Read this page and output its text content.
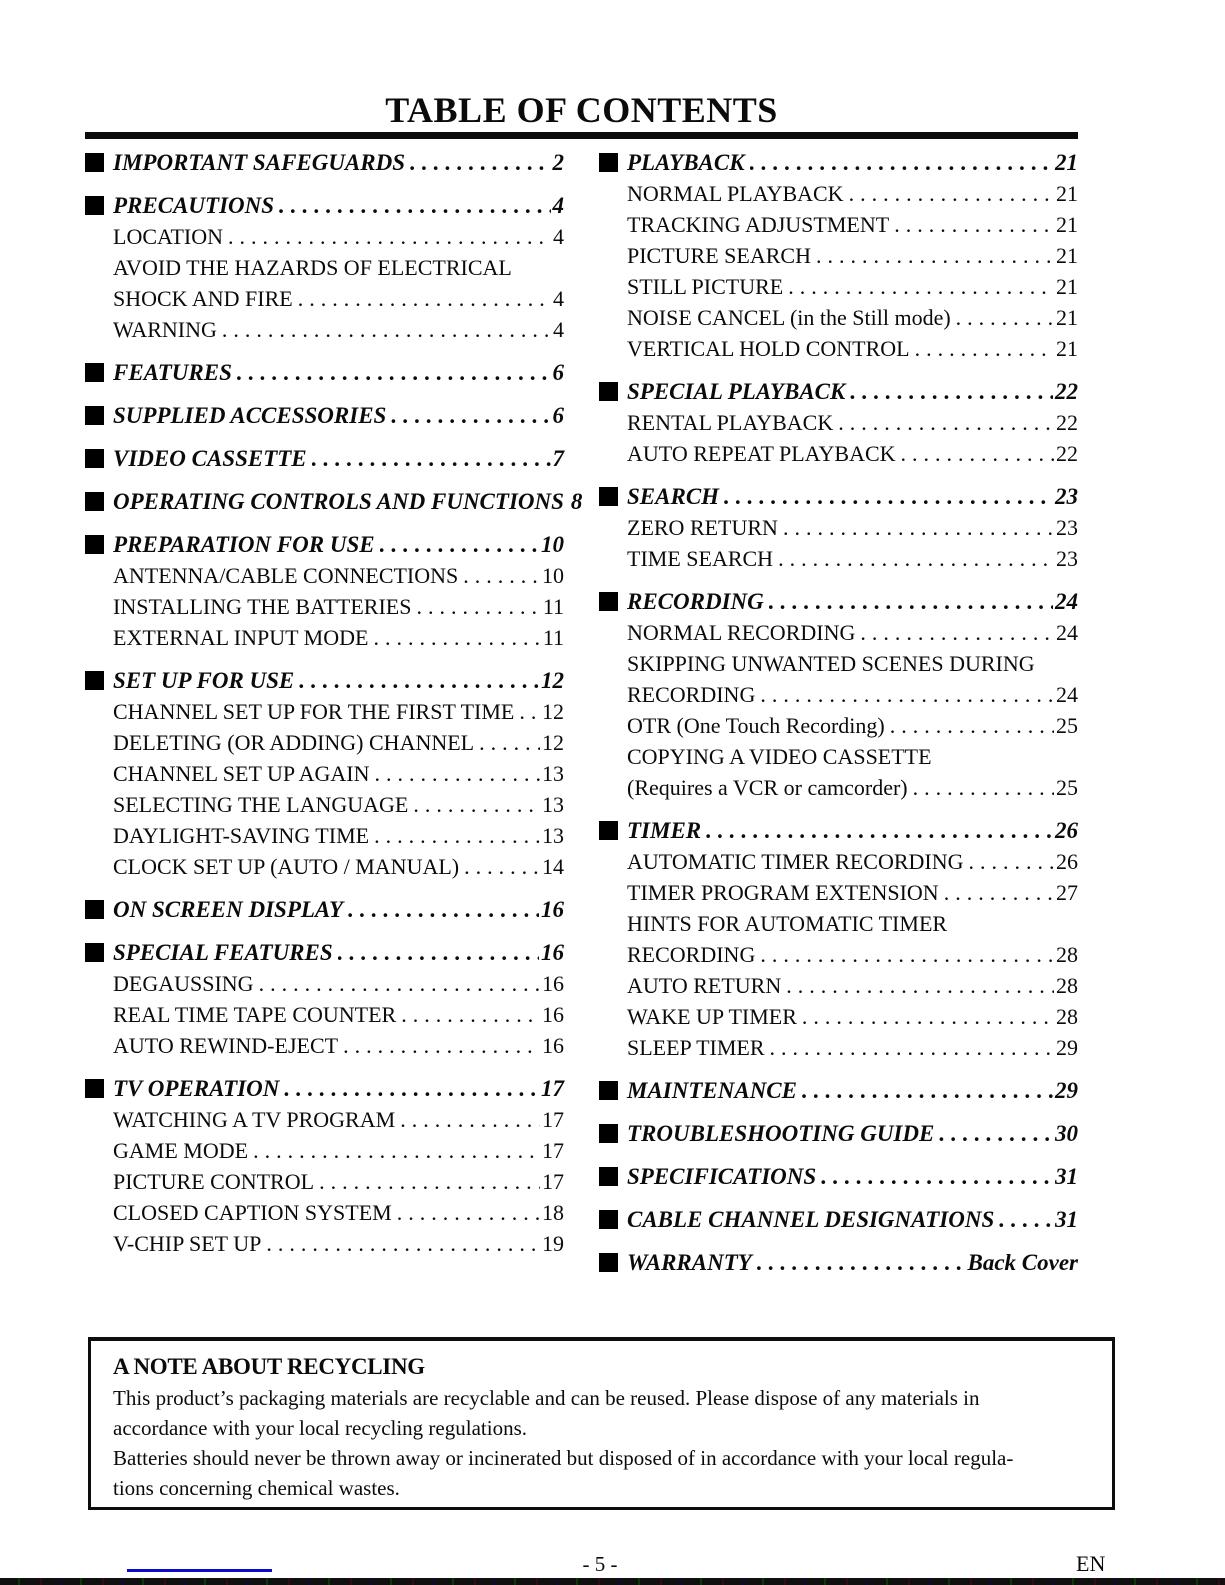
TABLE OF CONTENTS
IMPORTANT SAFEGUARDS .....	2
PRECAUTIONS .....	4
LOCATION .....	4
AVOID THE HAZARDS OF ELECTRICAL
SHOCK AND FIRE .....	4
WARNING .....	4
FEATURES .....	6
SUPPLIED ACCESSORIES .....	6
VIDEO CASSETTE .....	7
OPERATING CONTROLS AND FUNCTIONS 8
PREPARATION FOR USE .....	10
ANTENNA/CABLE CONNECTIONS .....	10
INSTALLING THE BATTERIES .....	11
EXTERNAL INPUT MODE .....	11
SET UP FOR USE .....	12
CHANNEL SET UP FOR THE FIRST TIME ..... 12
DELETING (OR ADDING) CHANNEL .....	12
CHANNEL SET UP AGAIN .....	13
SELECTING THE LANGUAGE .....	13
DAYLIGHT-SAVING TIME .....	13
CLOCK SET UP (AUTO / MANUAL) .....	14
ON SCREEN DISPLAY .....	16
SPECIAL FEATURES .....	16
DEGAUSSING .....	16
REAL TIME TAPE COUNTER .....	16
AUTO REWIND-EJECT .....	16
TV OPERATION .....	17
WATCHING A TV PROGRAM .....	17
GAME MODE .....	17
PICTURE CONTROL .....	17
CLOSED CAPTION SYSTEM .....	18
V-CHIP SET UP .....	19
PLAYBACK .....	21
NORMAL PLAYBACK .....	21
TRACKING ADJUSTMENT .....	21
PICTURE SEARCH .....	21
STILL PICTURE .....	21
NOISE CANCEL (in the Still mode) .....	21
VERTICAL HOLD CONTROL .....	21
SPECIAL PLAYBACK .....	22
RENTAL PLAYBACK .....	22
AUTO REPEAT PLAYBACK .....	22
SEARCH .....	23
ZERO RETURN .....	23
TIME SEARCH .....	23
RECORDING .....	24
NORMAL RECORDING .....	24
SKIPPING UNWANTED SCENES DURING
RECORDING .....	24
OTR (One Touch Recording) .....	25
COPYING A VIDEO CASSETTE
(Requires a VCR or camcorder) .....	25
TIMER .....	26
AUTOMATIC TIMER RECORDING .....	26
TIMER PROGRAM EXTENSION .....	27
HINTS FOR AUTOMATIC TIMER
RECORDING .....	28
AUTO RETURN .....	28
WAKE UP TIMER .....	28
SLEEP TIMER .....	29
MAINTENANCE .....	29
TROUBLESHOOTING GUIDE .....	30
SPECIFICATIONS .....	31
CABLE CHANNEL DESIGNATIONS .....	31
WARRANTY .....	Back Cover
A NOTE ABOUT RECYCLING
This product’s packaging materials are recyclable and can be reused. Please dispose of any materials in
accordance with your local recycling regulations.
Batteries should never be thrown away or incinerated but disposed of in accordance with your local regula-
tions concerning chemical wastes.
- 5 -	EN
